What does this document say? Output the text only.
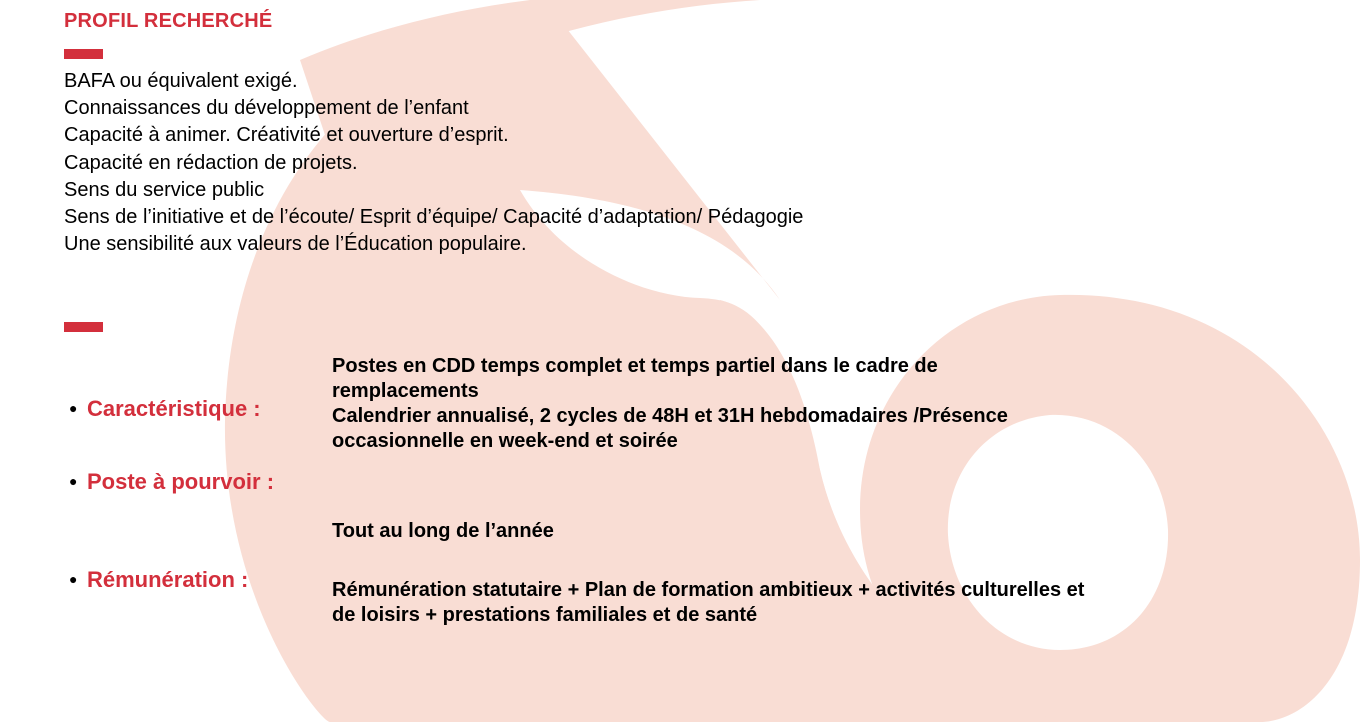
PROFIL RECHERCHÉ
BAFA ou équivalent exigé.
Connaissances du développement de l’enfant
Capacité à animer. Créativité et ouverture d’esprit.
Capacité en rédaction de projets.
Sens du service public
Sens de l’initiative et de l’écoute/ Esprit d’équipe/ Capacité d’adaptation/ Pédagogie
Une sensibilité aux valeurs de l’Éducation populaire.

● Caractéristique :

Postes en CDD temps complet et temps partiel dans le cadre de
remplacements
Calendrier annualisé, 2 cycles de 48H et 31H hebdomadaires /Présence
occasionnelle en week-end et soirée

● Poste à pourvoir :

Tout au long de l’année

● Rémunération :	Rémunération statutaire + Plan de formation ambitieux + activités culturelles et
de loisirs + prestations familiales et de santé
